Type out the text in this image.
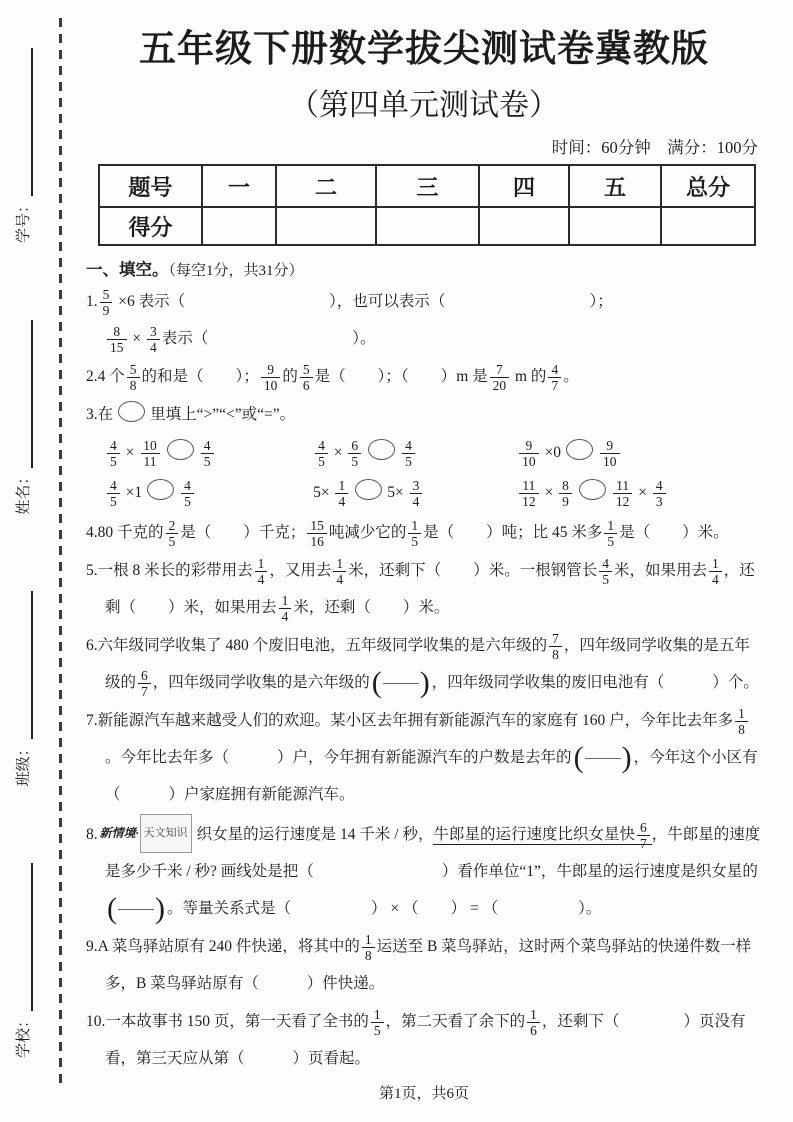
学校：
班级：
姓名：
学号：
五年级下册数学拔尖测试卷冀教版
（第四单元测试卷）
时间：60分钟　满分：100分
题号	一	二	三	四	五	总分
得分						
一、填空。（每空1分，共31分）
1. $\frac{5}{9} \times 6$ 表示（	），也可以表示（	）；

$\frac{8}{15} \times \frac{3}{4}$ 表示（	）。
2.4 个 $\frac{5}{8}$ 的和是（ ）； $\frac{9}{10}$ 的 $\frac{5}{6}$ 是（ ）；（ ）m 是 $\frac{7}{20}$ m 的 $\frac{4}{7}$ 。
3.在 里填上“>”“<”或“=”。
$\frac{4}{5} \times \frac{10}{11}$	$\frac{4}{5}$	$\frac{4}{5} \times \frac{6}{5}$	$\frac{4}{5}$	$\frac{9}{10} \times 0$	$\frac{9}{10}$
$\frac{4}{5} \times 1$	$\frac{4}{5}$	$5\times \frac{1}{4}$	$5\times \frac{3}{4}$	$\frac{11}{12} \times \frac{8}{9}$	$\frac{11}{12} \times \frac{4}{3}$
4.80 千克的 $\frac{2}{5}$ 是（ ）千克； $\frac{15}{16}$ 吨减少它的 $\frac{1}{5}$ 是（ ）吨；比 45 米多 $\frac{1}{5}$ 是（ ）米。
5.一根 8 米长的彩带用去 $\frac{1}{4}$ ，又用去 $\frac{1}{4}$ 米，还剩下（ ）米。一根钢管长 $\frac{4}{5}$ 米，如果用去 $\frac{1}{4}$ ，还剩（ ）米，如果用去 $\frac{1}{4}$ 米，还剩（ ）米。
6.六年级同学收集了 480 个废旧电池，五年级同学收集的是六年级的 $\frac{7}{8}$ ，四年级同学收集的是五年级的 $\frac{6}{7}$ ，四年级同学收集的是六年级的 ( ) ，四年级同学收集的废旧电池有（	）个。
7.新能源汽车越来越受人们的欢迎。某小区去年拥有新能源汽车的家庭有 160 户，今年比去年多 $\frac{1}{8}$
。今年比去年多（	）户，今年拥有新能源汽车的户数是去年的 ( ) ，今年这个小区有（	）户家庭拥有新能源汽车。
8. 新情境· 天文知识 织女星的运行速度是 14 千米 / 秒，牛郎星的运行速度比织女星快 $\frac{6}{7}$ ，牛郎星的速度是多少千米 / 秒? 画线处是把（	）看作单位“1”，牛郎星的运行速度是织女星的
( ) 。等量关系式是（	） × （ ） = （	）。
9.A 菜鸟驿站原有 240 件快递，将其中的 $\frac{1}{8}$ 运送至 B 菜鸟驿站，这时两个菜鸟驿站的快递件数一样多，B 菜鸟驿站原有（	）件快递。
10.一本故事书 150 页，第一天看了全书的 $\frac{1}{5}$ ，第二天看了余下的 $\frac{1}{6}$ ，还剩下（	）页没有看，第三天应从第（	）页看起。
第1页，共6页
